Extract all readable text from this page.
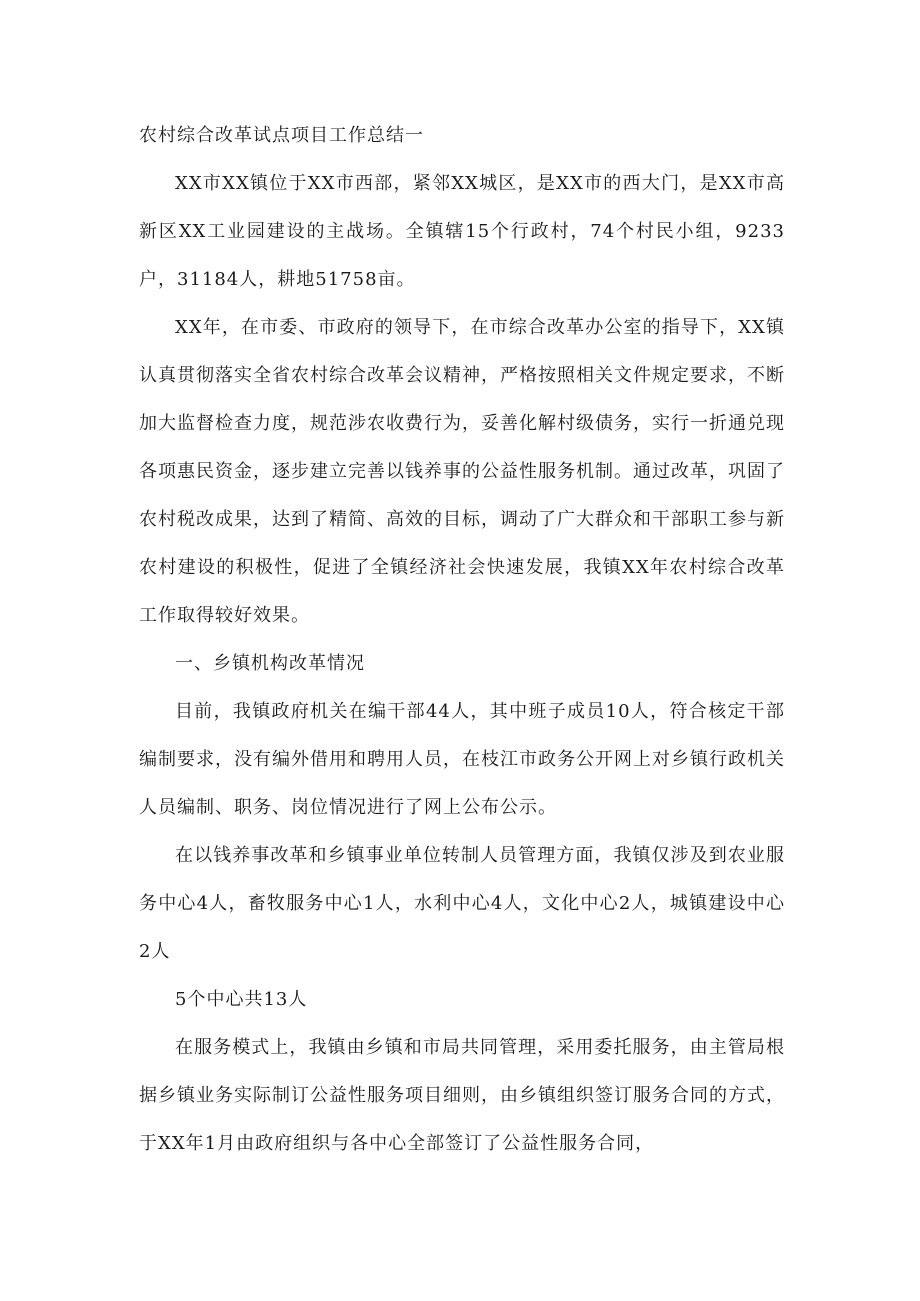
农村综合改革试点项目工作总结一

XX市XX镇位于XX市西部，紧邻XX城区，是XX市的西大门，是XX市高新区XX工业园建设的主战场。全镇辖15个行政村，74个村民小组，9233户，31184人，耕地51758亩。

XX年，在市委、市政府的领导下，在市综合改革办公室的指导下，XX镇认真贯彻落实全省农村综合改革会议精神，严格按照相关文件规定要求，不断加大监督检查力度，规范涉农收费行为，妥善化解村级债务，实行一折通兑现各项惠民资金，逐步建立完善以钱养事的公益性服务机制。通过改革，巩固了农村税改成果，达到了精简、高效的目标，调动了广大群众和干部职工参与新农村建设的积极性，促进了全镇经济社会快速发展，我镇XX年农村综合改革工作取得较好效果。

一、乡镇机构改革情况

目前，我镇政府机关在编干部44人，其中班子成员10人，符合核定干部编制要求，没有编外借用和聘用人员，在枝江市政务公开网上对乡镇行政机关人员编制、职务、岗位情况进行了网上公布公示。

在以钱养事改革和乡镇事业单位转制人员管理方面，我镇仅涉及到农业服务中心4人，畜牧服务中心1人，水利中心4人，文化中心2人，城镇建设中心2人

5个中心共13人

在服务模式上，我镇由乡镇和市局共同管理，采用委托服务，由主管局根据乡镇业务实际制订公益性服务项目细则，由乡镇组织签订服务合同的方式，于XX年1月由政府组织与各中心全部签订了公益性服务合同，
